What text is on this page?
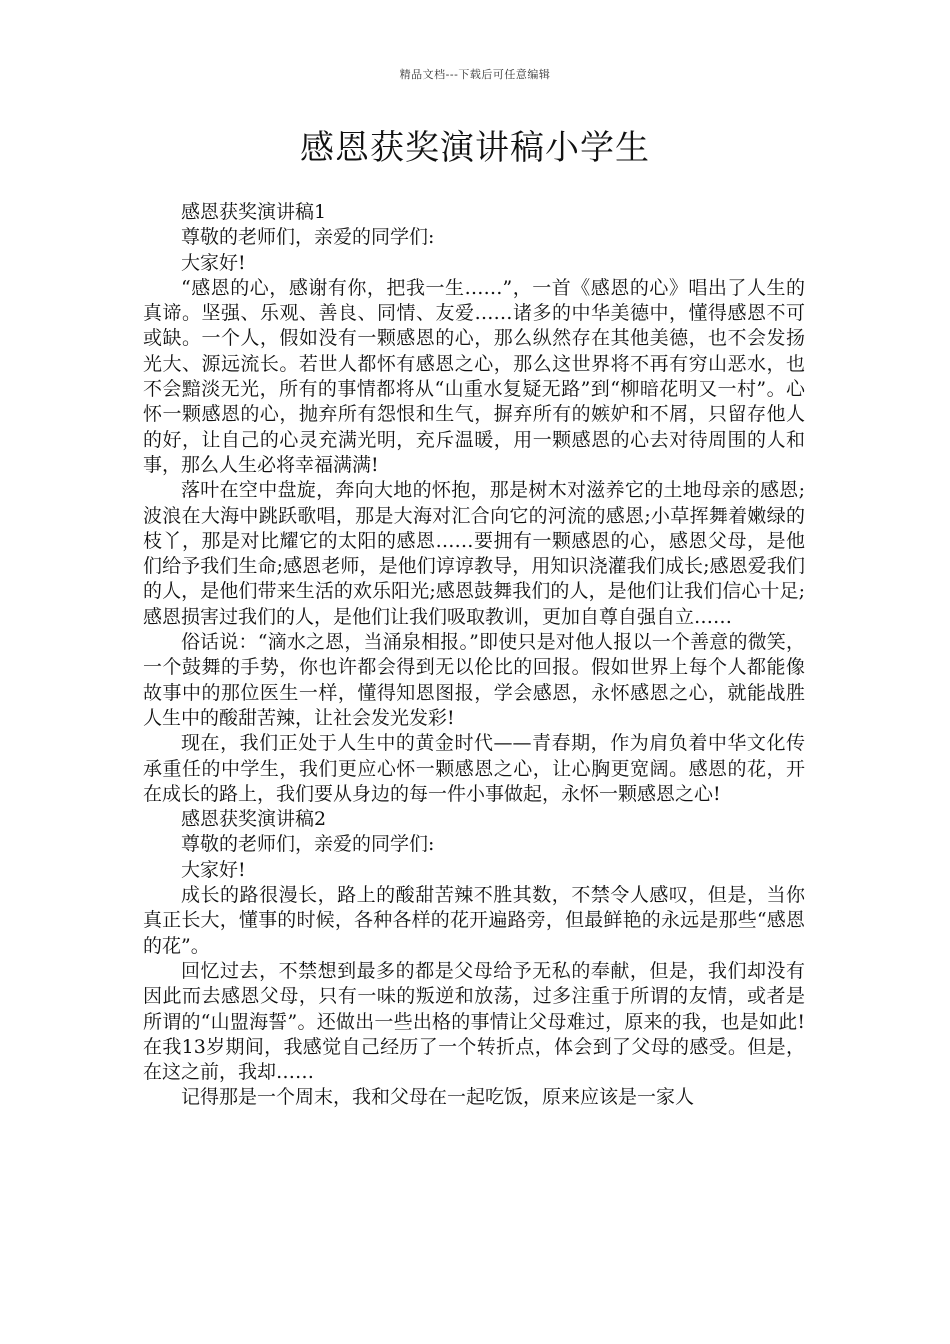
精品文档---下载后可任意编辑
感恩获奖演讲稿小学生

感恩获奖演讲稿1

尊敬的老师们，亲爱的同学们:

大家好!

“感恩的心，感谢有你，把我一生……”，一首《感恩的心》唱出了人生的真谛。坚强、乐观、善良、同情、友爱……诸多的中华美德中，懂得感恩不可或缺。一个人，假如没有一颗感恩的心，那么纵然存在其他美德，也不会发扬光大、源远流长。若世人都怀有感恩之心，那么这世界将不再有穷山恶水，也不会黯淡无光，所有的事情都将从“山重水复疑无路”到“柳暗花明又一村”。心怀一颗感恩的心，抛弃所有怨恨和生气，摒弃所有的嫉妒和不屑，只留存他人的好，让自己的心灵充满光明，充斥温暖，用一颗感恩的心去对待周围的人和事，那么人生必将幸福满满!

落叶在空中盘旋，奔向大地的怀抱，那是树木对滋养它的土地母亲的感恩;波浪在大海中跳跃歌唱，那是大海对汇合向它的河流的感恩;小草挥舞着嫩绿的枝丫，那是对比耀它的太阳的感恩……要拥有一颗感恩的心，感恩父母，是他们给予我们生命;感恩老师，是他们谆谆教导，用知识浇灌我们成长;感恩爱我们的人，是他们带来生活的欢乐阳光;感恩鼓舞我们的人，是他们让我们信心十足;感恩损害过我们的人，是他们让我们吸取教训，更加自尊自强自立……

俗话说：“滴水之恩，当涌泉相报。”即使只是对他人报以一个善意的微笑，一个鼓舞的手势，你也许都会得到无以伦比的回报。假如世界上每个人都能像故事中的那位医生一样，懂得知恩图报，学会感恩，永怀感恩之心，就能战胜人生中的酸甜苦辣，让社会发光发彩!

现在，我们正处于人生中的黄金时代——青春期，作为肩负着中华文化传承重任的中学生，我们更应心怀一颗感恩之心，让心胸更宽阔。感恩的花，开在成长的路上，我们要从身边的每一件小事做起，永怀一颗感恩之心!

感恩获奖演讲稿2

尊敬的老师们，亲爱的同学们:

大家好!

成长的路很漫长，路上的酸甜苦辣不胜其数，不禁令人感叹，但是，当你真正长大，懂事的时候，各种各样的花开遍路旁，但最鲜艳的永远是那些“感恩的花”。

回忆过去，不禁想到最多的都是父母给予无私的奉献，但是，我们却没有因此而去感恩父母，只有一味的叛逆和放荡，过多注重于所谓的友情，或者是所谓的“山盟海誓”。还做出一些出格的事情让父母难过，原来的我，也是如此!在我13岁期间，我感觉自己经历了一个转折点，体会到了父母的感受。但是，在这之前，我却……

记得那是一个周末，我和父母在一起吃饭，原来应该是一家人
